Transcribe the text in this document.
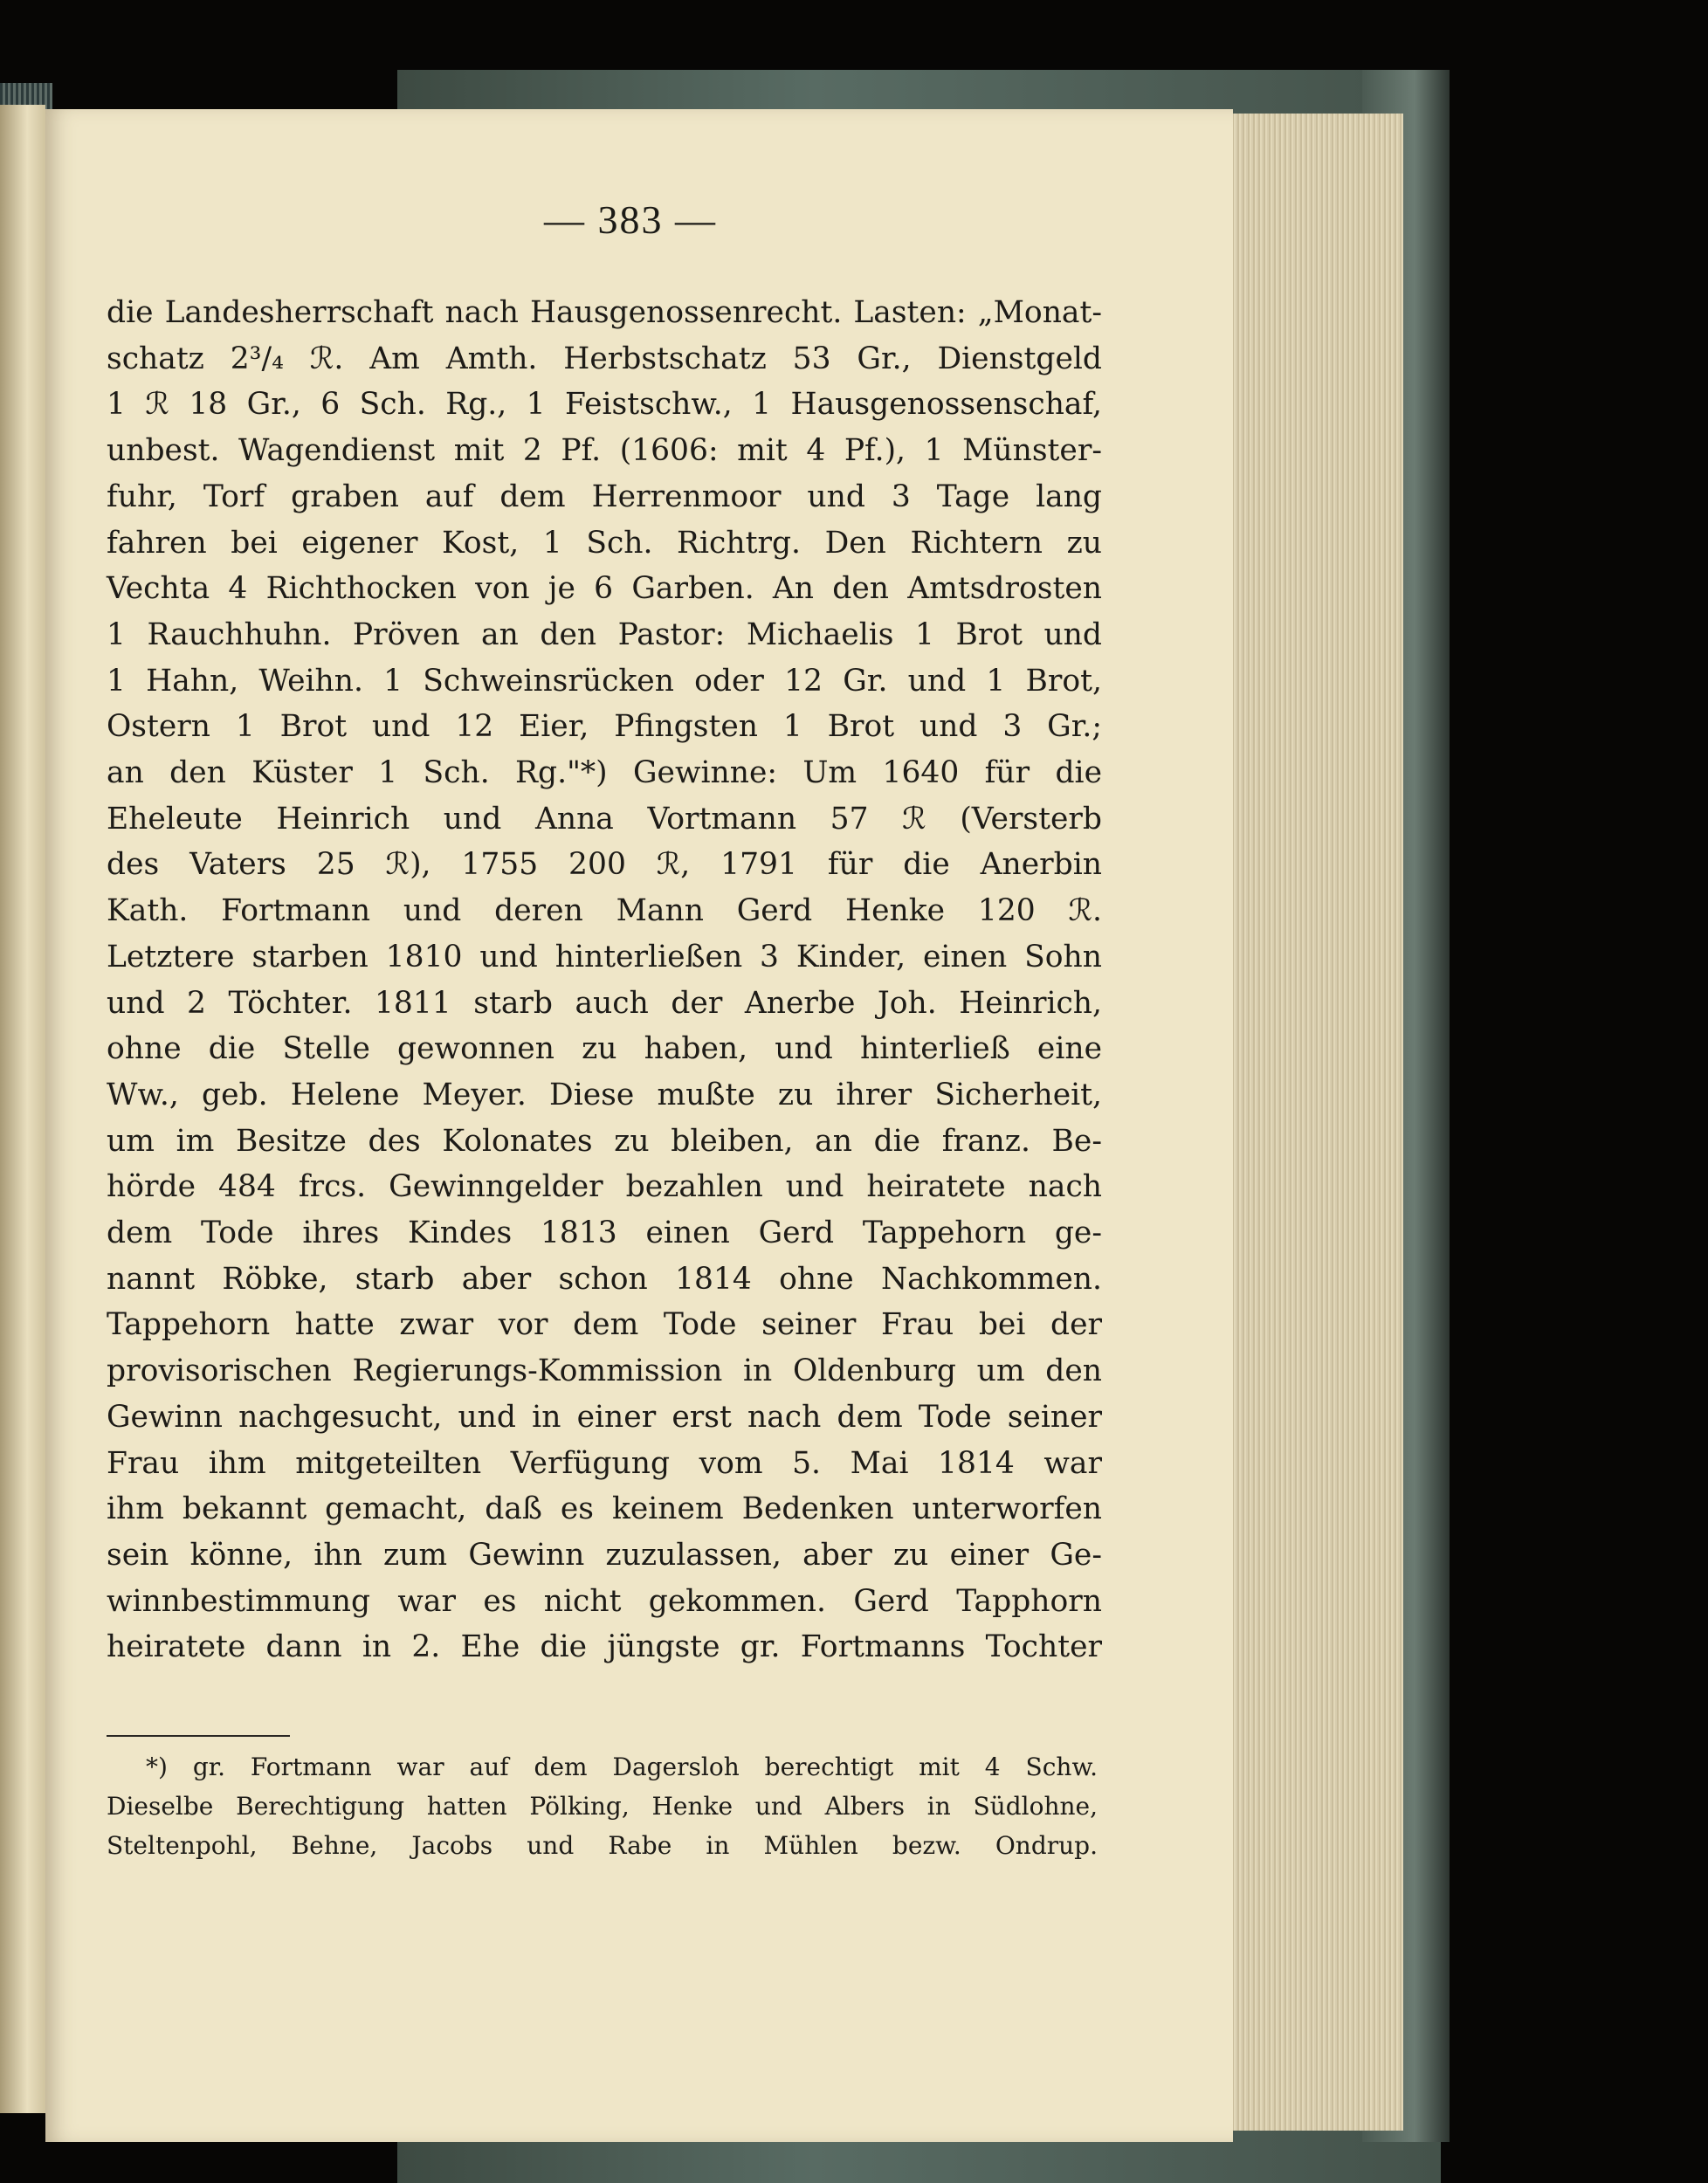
— 383 —
die Landesherrschaft nach Hausgenossenrecht. Lasten: „Monat-
schatz 2³/₄ ℛ. Am Amth. Herbstschatz 53 Gr., Dienstgeld
1 ℛ 18 Gr., 6 Sch. Rg., 1 Feistschw., 1 Hausgenossenschaf,
unbest. Wagendienst mit 2 Pf. (1606: mit 4 Pf.), 1 Münster-
fuhr, Torf graben auf dem Herrenmoor und 3 Tage lang
fahren bei eigener Kost, 1 Sch. Richtrg. Den Richtern zu
Vechta 4 Richthocken von je 6 Garben. An den Amtsdrosten
1 Rauchhuhn. Pröven an den Pastor: Michaelis 1 Brot und
1 Hahn, Weihn. 1 Schweinsrücken oder 12 Gr. und 1 Brot,
Ostern 1 Brot und 12 Eier, Pfingsten 1 Brot und 3 Gr.;
an den Küster 1 Sch. Rg."*) Gewinne: Um 1640 für die
Eheleute Heinrich und Anna Vortmann 57 ℛ (Versterb
des Vaters 25 ℛ), 1755 200 ℛ, 1791 für die Anerbin
Kath. Fortmann und deren Mann Gerd Henke 120 ℛ.
Letztere starben 1810 und hinterließen 3 Kinder, einen Sohn
und 2 Töchter. 1811 starb auch der Anerbe Joh. Heinrich,
ohne die Stelle gewonnen zu haben, und hinterließ eine
Ww., geb. Helene Meyer. Diese mußte zu ihrer Sicherheit,
um im Besitze des Kolonates zu bleiben, an die franz. Be-
hörde 484 frcs. Gewinngelder bezahlen und heiratete nach
dem Tode ihres Kindes 1813 einen Gerd Tappehorn ge-
nannt Röbke, starb aber schon 1814 ohne Nachkommen.
Tappehorn hatte zwar vor dem Tode seiner Frau bei der
provisorischen Regierungs-Kommission in Oldenburg um den
Gewinn nachgesucht, und in einer erst nach dem Tode seiner
Frau ihm mitgeteilten Verfügung vom 5. Mai 1814 war
ihm bekannt gemacht, daß es keinem Bedenken unterworfen
sein könne, ihn zum Gewinn zuzulassen, aber zu einer Ge-
winnbestimmung war es nicht gekommen. Gerd Tapphorn
heiratete dann in 2. Ehe die jüngste gr. Fortmanns Tochter
*) gr. Fortmann war auf dem Dagersloh berechtigt mit 4 Schw.
Dieselbe Berechtigung hatten Pölking, Henke und Albers in Südlohne,
Steltenpohl, Behne, Jacobs und Rabe in Mühlen bezw. Ondrup.
